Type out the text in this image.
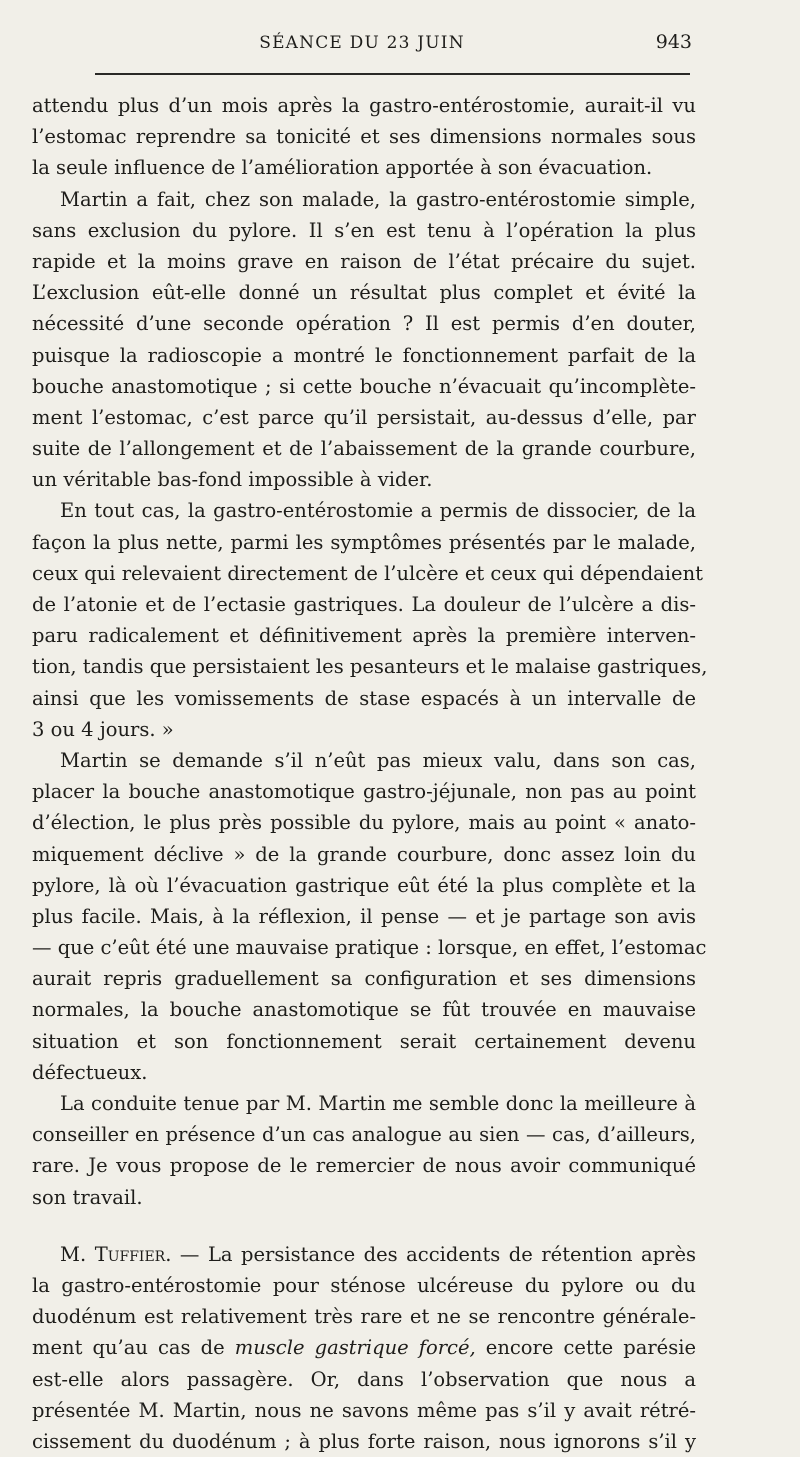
SÉANCE DU 23 JUIN	943
attendu plus d’un mois après la gastro-entérostomie, aurait-il vu
l’estomac reprendre sa tonicité et ses dimensions normales sous
la seule influence de l’amélioration apportée à son évacuation.
Martin a fait, chez son malade, la gastro-entérostomie simple,
sans exclusion du pylore. Il s’en est tenu à l’opération la plus
rapide et la moins grave en raison de l’état précaire du sujet.
L’exclusion eût-elle donné un résultat plus complet et évité la
nécessité d’une seconde opération ? Il est permis d’en douter,
puisque la radioscopie a montré le fonctionnement parfait de la
bouche anastomotique ; si cette bouche n’évacuait qu’incomplète-
ment l’estomac, c’est parce qu’il persistait, au-dessus d’elle, par
suite de l’allongement et de l’abaissement de la grande courbure,
un véritable bas-fond impossible à vider.
En tout cas, la gastro-entérostomie a permis de dissocier, de la
façon la plus nette, parmi les symptômes présentés par le malade,
ceux qui relevaient directement de l’ulcère et ceux qui dépendaient
de l’atonie et de l’ectasie gastriques. La douleur de l’ulcère a dis-
paru radicalement et définitivement après la première interven-
tion, tandis que persistaient les pesanteurs et le malaise gastriques,
ainsi que les vomissements de stase espacés à un intervalle de
3 ou 4 jours. »
Martin se demande s’il n’eût pas mieux valu, dans son cas,
placer la bouche anastomotique gastro-jéjunale, non pas au point
d’élection, le plus près possible du pylore, mais au point « anato-
miquement déclive » de la grande courbure, donc assez loin du
pylore, là où l’évacuation gastrique eût été la plus complète et la
plus facile. Mais, à la réflexion, il pense — et je partage son avis
— que c’eût été une mauvaise pratique : lorsque, en effet, l’estomac
aurait repris graduellement sa configuration et ses dimensions
normales, la bouche anastomotique se fût trouvée en mauvaise
situation et son fonctionnement serait certainement devenu
défectueux.
La conduite tenue par M. Martin me semble donc la meilleure à
conseiller en présence d’un cas analogue au sien — cas, d’ailleurs,
rare. Je vous propose de le remercier de nous avoir communiqué
son travail.
M. Tuffier. — La persistance des accidents de rétention après
la gastro-entérostomie pour sténose ulcéreuse du pylore ou du
duodénum est relativement très rare et ne se rencontre générale-
ment qu’au cas de muscle gastrique forcé, encore cette parésie
est-elle alors passagère. Or, dans l’observation que nous a
présentée M. Martin, nous ne savons même pas s’il y avait rétré-
cissement du duodénum ; à plus forte raison, nous ignorons s’il y
